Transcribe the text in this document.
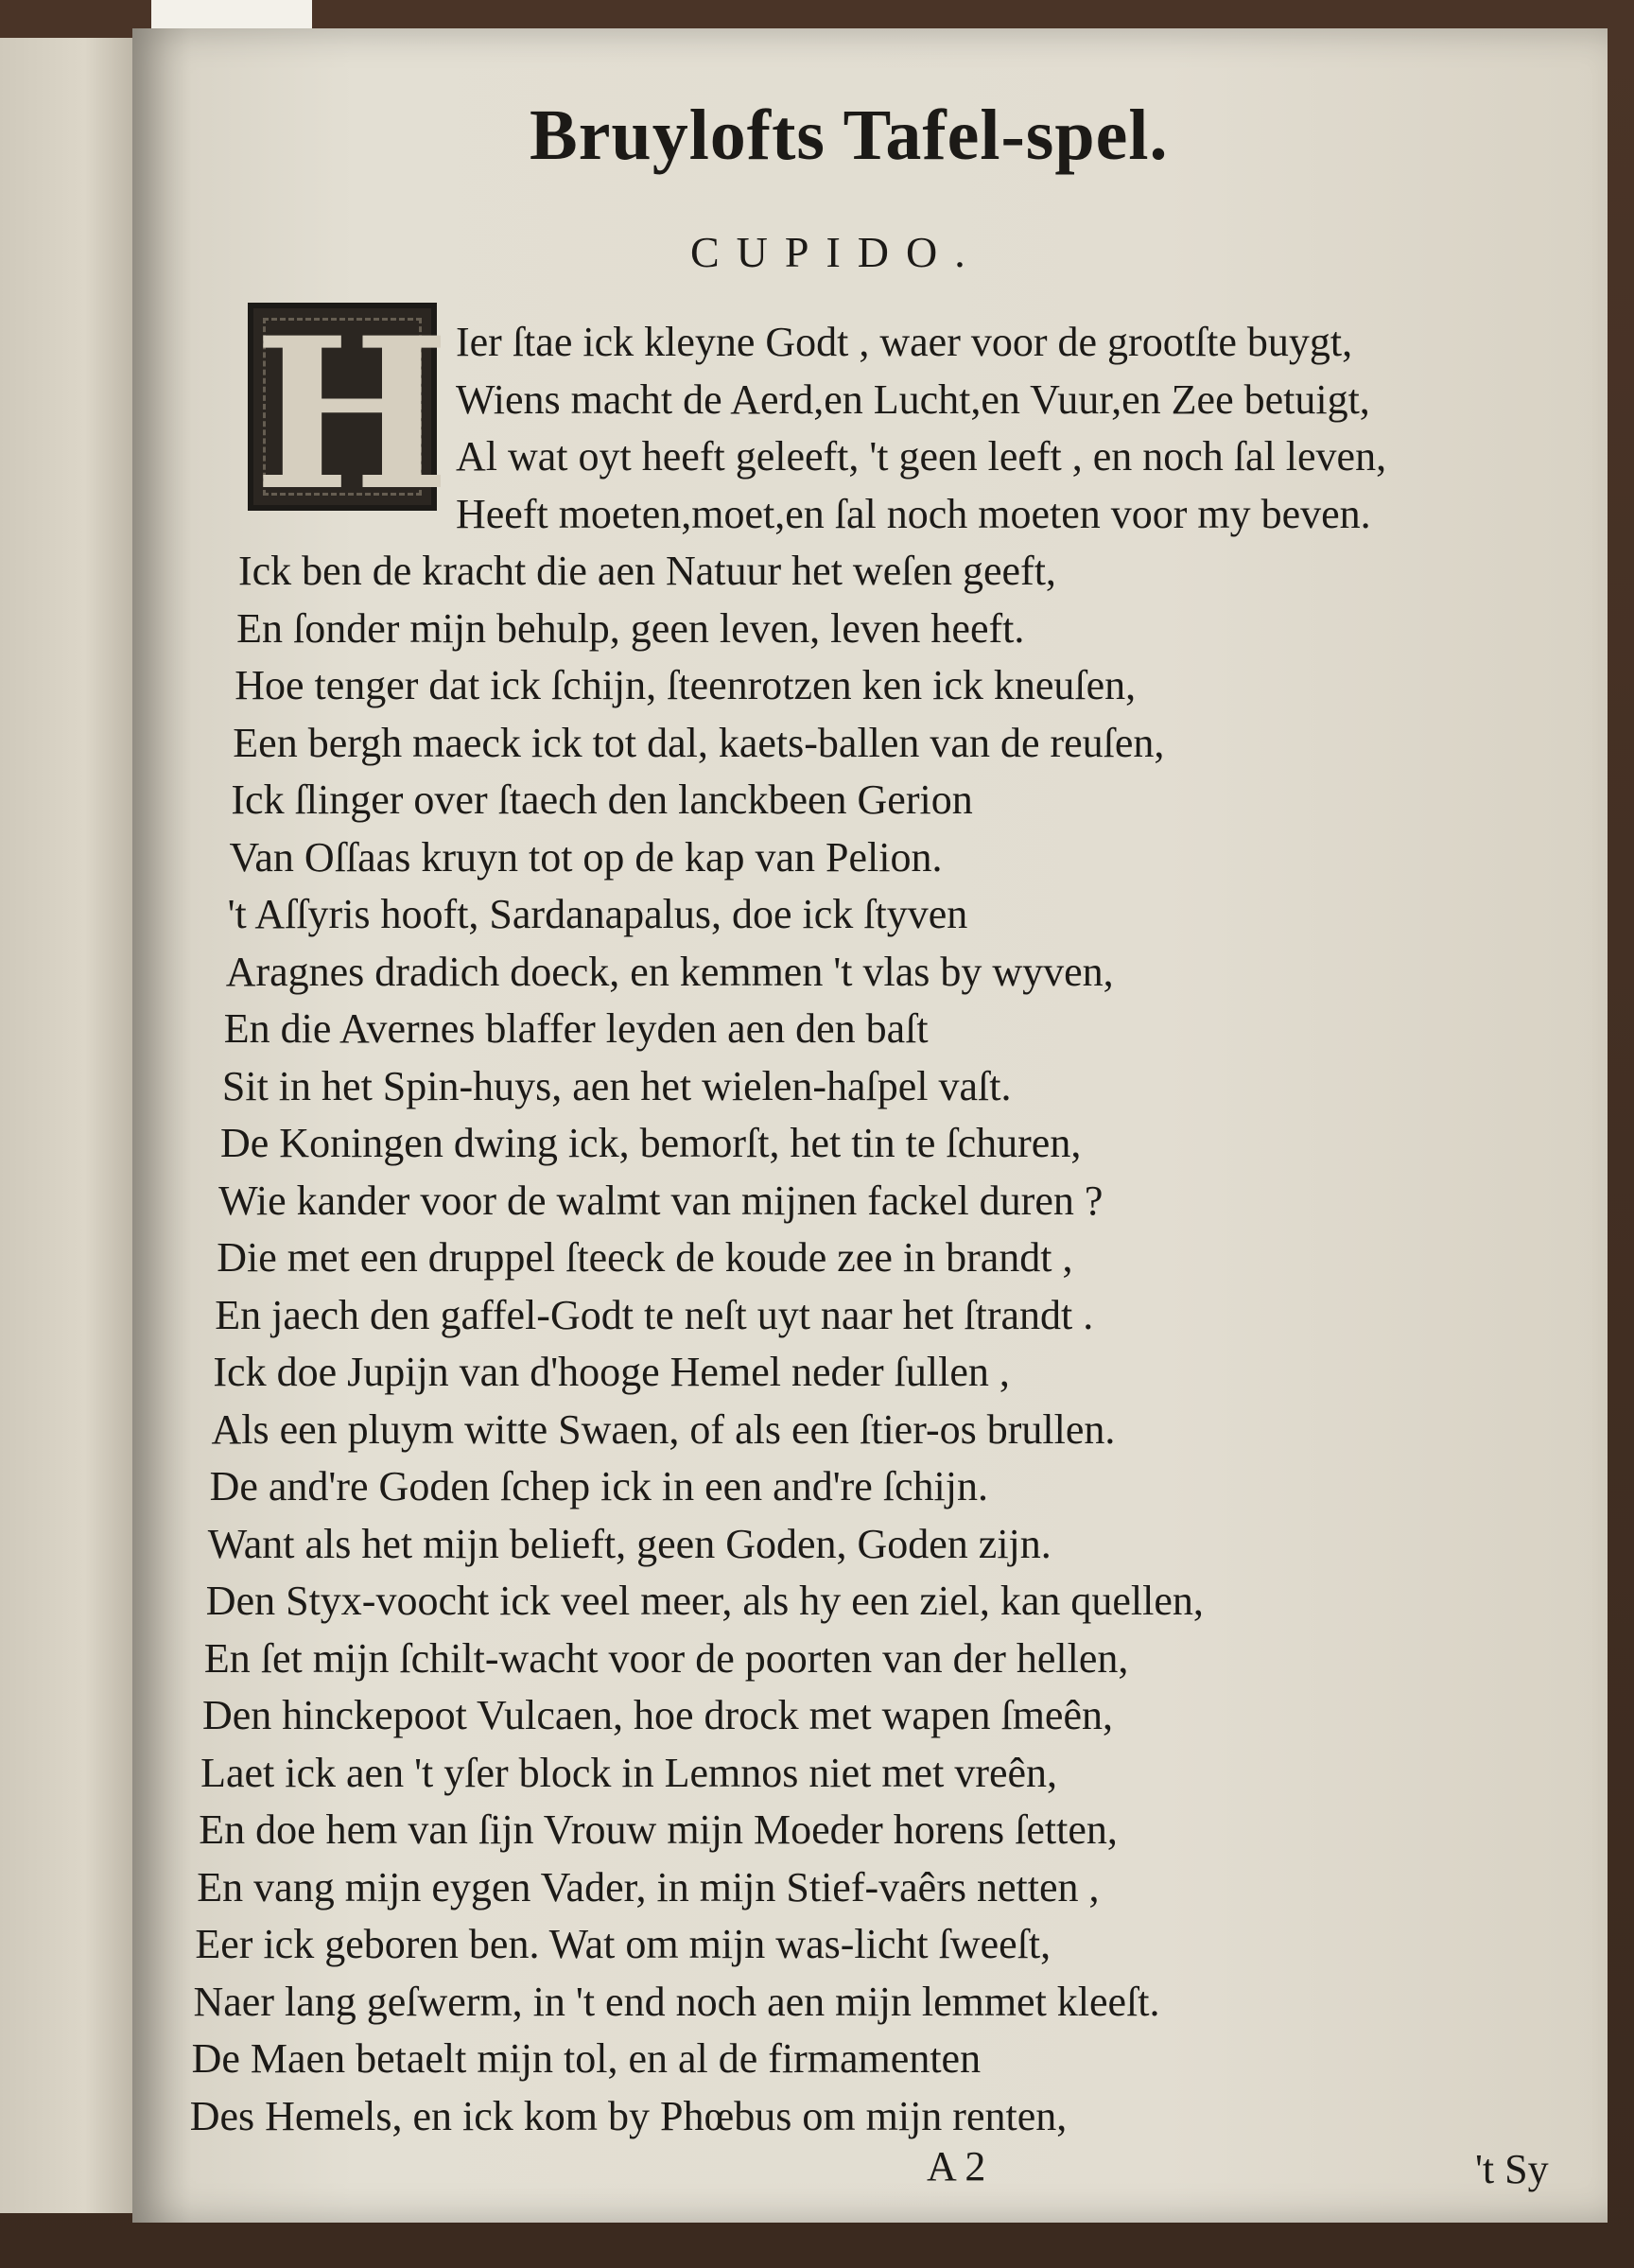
Bruylofts Tafel-spel.
CUPIDO.
H Ier ſtae ick kleyne Godt , waer voor de grootſte buygt,
Wiens macht de Aerd,en Lucht,en Vuur,en Zee betuigt,
Al wat oyt heeft geleeft, 't geen leeft , en noch ſal leven,
Heeft moeten,moet,en ſal noch moeten voor my beven.
Ick ben de kracht die aen Natuur het weſen geeft,
En ſonder mijn behulp, geen leven, leven heeft.
Hoe tenger dat ick ſchijn, ſteenrotzen ken ick kneuſen,
Een bergh maeck ick tot dal, kaets-ballen van de reuſen,
Ick ſlinger over ſtaech den lanckbeen Gerion
Van Oſſaas kruyn tot op de kap van Pelion.
't Aſſyris hooft, Sardanapalus, doe ick ſtyven
Aragnes dradich doeck, en kemmen 't vlas by wyven,
En die Avernes blaffer leyden aen den baſt
Sit in het Spin-huys, aen het wielen-haſpel vaſt.
De Koningen dwing ick, bemorſt, het tin te ſchuren,
Wie kander voor de walmt van mijnen fackel duren ?
Die met een druppel ſteeck de koude zee in brandt ,
En jaech den gaffel-Godt te neſt uyt naar het ſtrandt .
Ick doe Jupijn van d'hooge Hemel neder ſullen ,
Als een pluym witte Swaen, of als een ſtier-os brullen.
De and're Goden ſchep ick in een and're ſchijn.
Want als het mijn belieft, geen Goden, Goden zijn.
Den Styx-voocht ick veel meer, als hy een ziel, kan quellen,
En ſet mijn ſchilt-wacht voor de poorten van der hellen,
Den hinckepoot Vulcaen, hoe drock met wapen ſmeên,
Laet ick aen 't yſer block in Lemnos niet met vreên,
En doe hem van ſijn Vrouw mijn Moeder horens ſetten,
En vang mijn eygen Vader, in mijn Stief-vaêrs netten ,
Eer ick geboren ben. Wat om mijn was-licht ſweeſt,
Naer lang geſwerm, in 't end noch aen mijn lemmet kleeſt.
De Maen betaelt mijn tol, en al de firmamenten
Des Hemels, en ick kom by Phœbus om mijn renten,
A 2	't Sy
